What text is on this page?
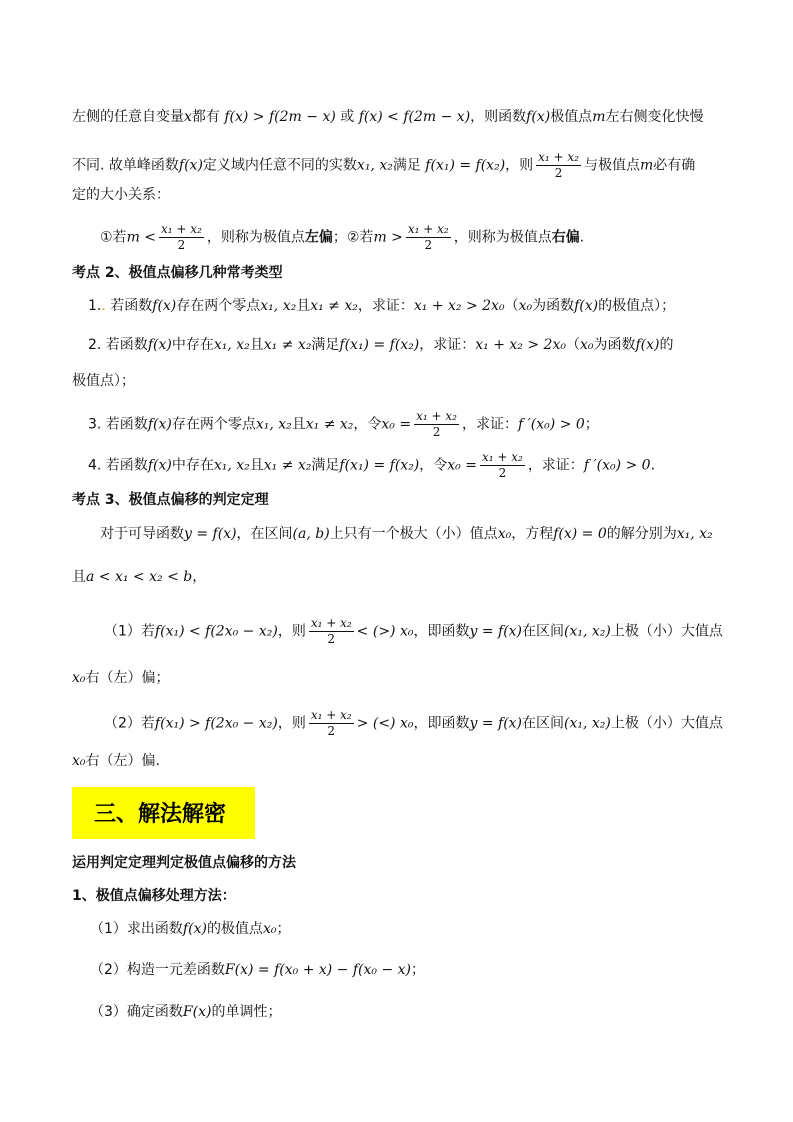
左侧的任意自变量x都有 f(x) > f(2m − x) 或 f(x) < f(2m − x)，则函数f(x)极值点m左右侧变化快慢
不同. 故单峰函数f(x)定义域内任意不同的实数x₁, x₂满足 f(x₁) = f(x₂)，则 $\frac{\text{x₁ + x₂}}{2}$ 与极值点m必有确
定的大小关系：
①若$m < \frac{\text{x₁ + x₂}}{2}$ ，则称为极值点左偏；②若$m > \frac{\text{x₁ + x₂}}{2}$ ，则称为极值点右偏.
考点 2、极值点偏移几种常考类型
1.. 若函数f(x)存在两个零点x₁, x₂且x₁ ≠ x₂，求证：x₁ + x₂ > 2x₀（x₀为函数f(x)的极值点）；
2. 若函数f(x)中存在x₁, x₂且x₁ ≠ x₂满足f(x₁) = f(x₂)，求证：x₁ + x₂ > 2x₀（x₀为函数f(x)的
极值点）；
3. 若函数f(x)存在两个零点x₁, x₂且x₁ ≠ x₂，令$x_0 = \frac{\text{x₁ + x₂}}{2}$ ，求证：f ′(x₀) > 0；
4. 若函数f(x)中存在x₁, x₂且x₁ ≠ x₂满足f(x₁) = f(x₂)，令$x_0 = \frac{\text{x₁ + x₂}}{2}$ ，求证：f ′(x₀) > 0.
考点 3、极值点偏移的判定定理
对于可导函数y = f(x)，在区间(a, b)上只有一个极大（小）值点x₀，方程f(x) = 0的解分别为x₁, x₂
且a < x₁ < x₂ < b，
（1）若f(x₁) < f(2x₀ − x₂)，则 $\frac{\text{x₁ + x₂}}{2}$ < (>) x₀，即函数y = f(x)在区间(x₁, x₂)上极（小）大值点
x₀右（左）偏；
（2）若f(x₁) > f(2x₀ − x₂)，则 $\frac{\text{x₁ + x₂}}{2}$ > (<) x₀，即函数y = f(x)在区间(x₁, x₂)上极（小）大值点
x₀右（左）偏.
三、解法解密
运用判定定理判定极值点偏移的方法
1、极值点偏移处理方法：
（1）求出函数f(x)的极值点x₀；
（2）构造一元差函数F(x) = f(x₀ + x) − f(x₀ − x)；
（3）确定函数F(x)的单调性；
